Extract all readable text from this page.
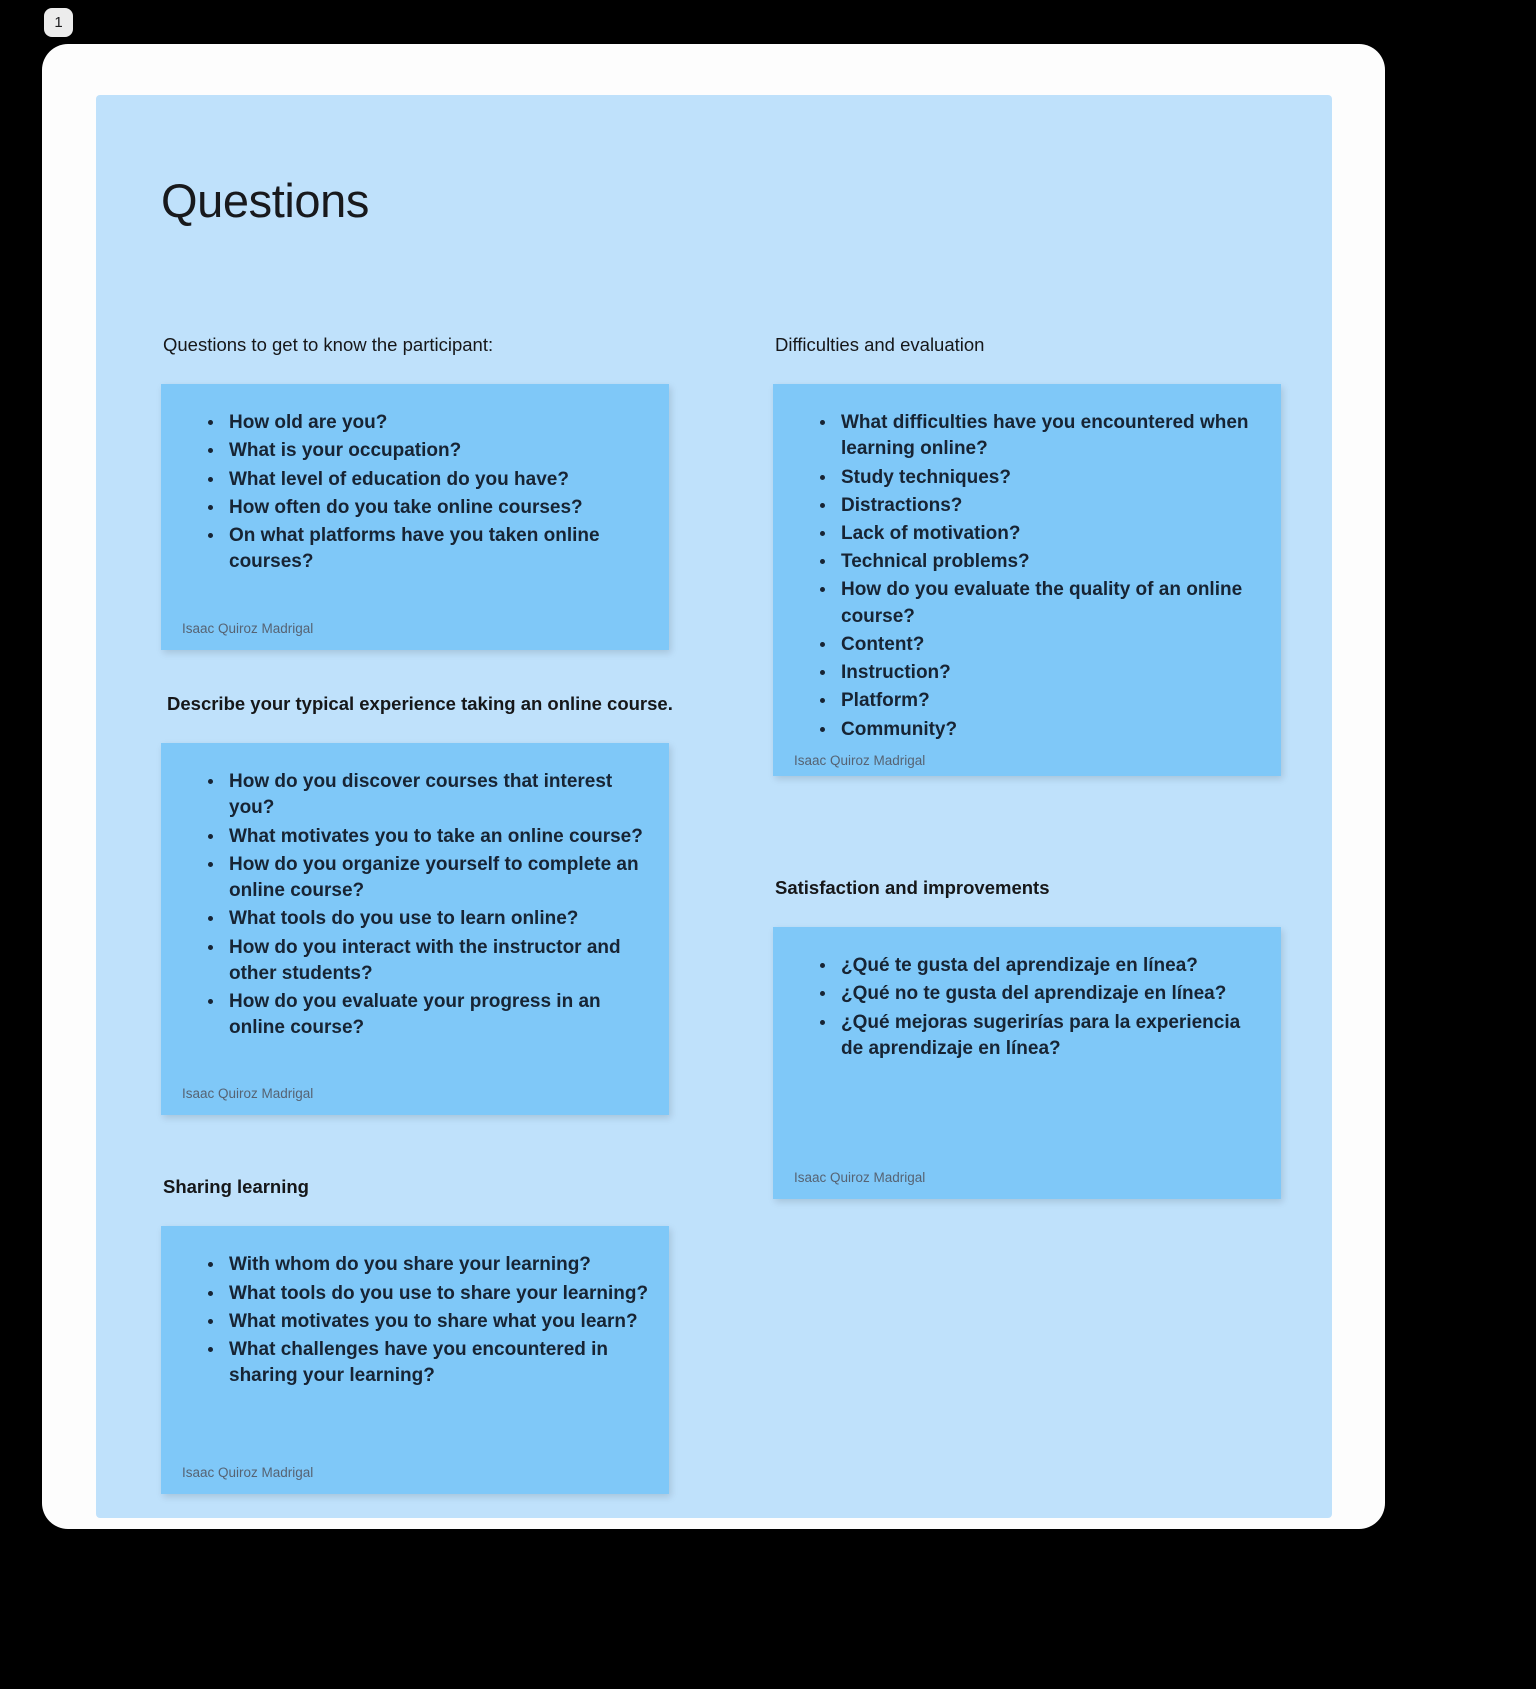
1
Questions
Questions to get to know the participant:
• How old are you?
• What is your occupation?
• What level of education do you have?
• How often do you take online courses?
• On what platforms have you taken online courses?
Isaac Quiroz Madrigal
Describe your typical experience taking an online course.
• How do you discover courses that interest you?
• What motivates you to take an online course?
• How do you organize yourself to complete an online course?
• What tools do you use to learn online?
• How do you interact with the instructor and other students?
• How do you evaluate your progress in an online course?
Isaac Quiroz Madrigal
Sharing learning
• With whom do you share your learning?
• What tools do you use to share your learning?
• What motivates you to share what you learn?
• What challenges have you encountered in sharing your learning?
Isaac Quiroz Madrigal
Difficulties and evaluation
• What difficulties have you encountered when learning online?
• Study techniques?
• Distractions?
• Lack of motivation?
• Technical problems?
• How do you evaluate the quality of an online course?
• Content?
• Instruction?
• Platform?
• Community?
Isaac Quiroz Madrigal
Satisfaction and improvements
• ¿Qué te gusta del aprendizaje en línea?
• ¿Qué no te gusta del aprendizaje en línea?
• ¿Qué mejoras sugerirías para la experiencia de aprendizaje en línea?
Isaac Quiroz Madrigal
